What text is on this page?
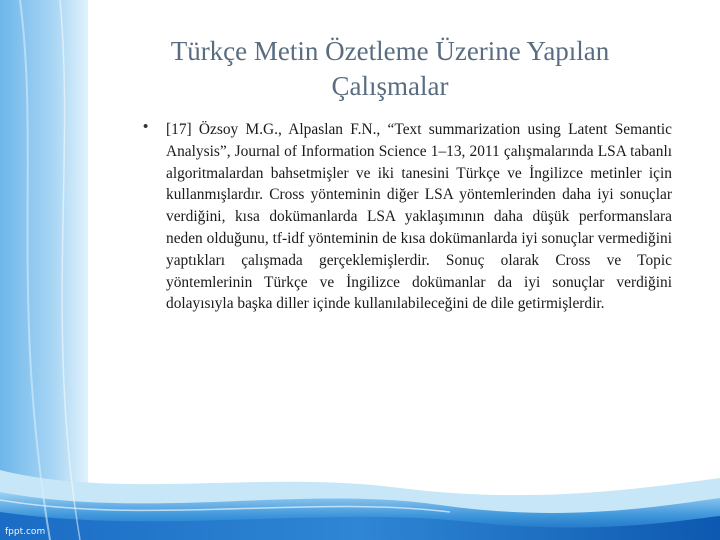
Türkçe Metin Özetleme Üzerine Yapılan Çalışmalar
• [17] Özsoy M.G., Alpaslan F.N., “Text summarization using Latent Semantic Analysis”, Journal of Information Science 1–13, 2011 çalışmalarında LSA tabanlı algoritmalardan bahsetmişler ve iki tanesini Türkçe ve İngilizce metinler için kullanmışlardır. Cross yönteminin diğer LSA yöntemlerinden daha iyi sonuçlar verdiğini, kısa dokümanlarda LSA yaklaşımının daha düşük performanslara neden olduğunu, tf-idf yönteminin de kısa dokümanlarda iyi sonuçlar vermediğini yaptıkları çalışmada gerçeklemişlerdir. Sonuç olarak Cross ve Topic yöntemlerinin Türkçe ve İngilizce dokümanlar da iyi sonuçlar verdiğini dolayısıyla başka diller içinde kullanılabileceğini de dile getirmişlerdir.
fppt.com
